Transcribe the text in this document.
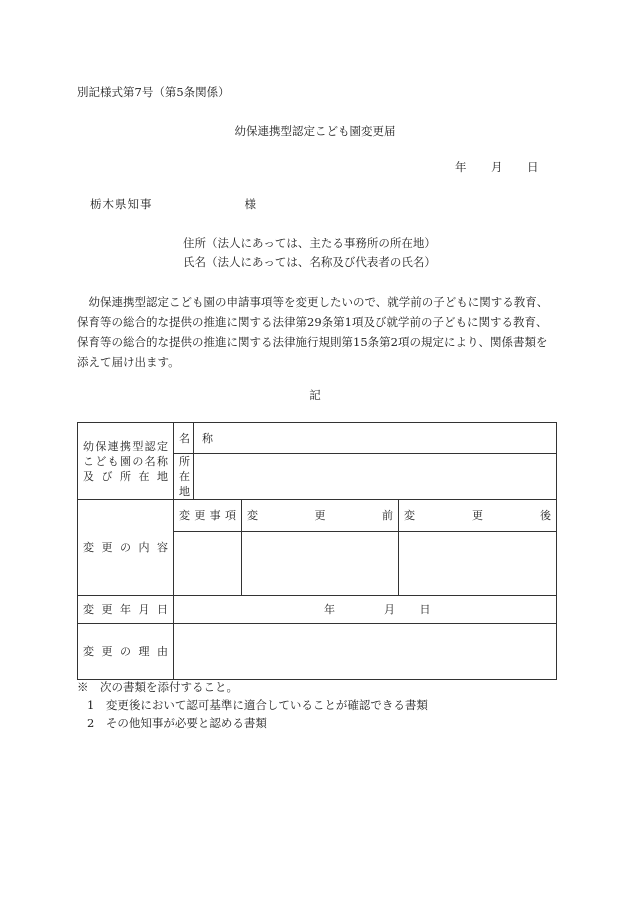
別記様式第7号（第5条関係）
幼保連携型認定こども園変更届
年 月 日
栃木県知事	様
住所（法人にあっては、主たる事務所の所在地）
氏名（法人にあっては、名称及び代表者の氏名）

　幼保連携型認定こども園の申請事項等を変更したいので、就学前の子どもに関する教育、

保育等の総合的な提供の推進に関する法律第29条第1項及び就学前の子どもに関する教育、

保育等の総合的な提供の推進に関する法律施行規則第15条第2項の規定により、関係書類を

添えて届け出ます。

記
幼保連携型認定
こども園の名称
及び所在地	名称			

	所在地			

変更の内容	変更事項		変 更 前	変 更 後

変更年月日	年 月 日			

変更の理由				

※　次の書類を添付すること。
1　変更後において認可基準に適合していることが確認できる書類
2　その他知事が必要と認める書類
